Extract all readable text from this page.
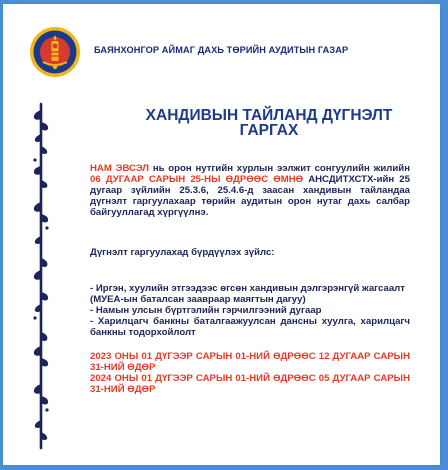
БАЯНХОНГОР АЙМАГ ДАХЬ ТӨРИЙН АУДИТЫН ГАЗАР
ХАНДИВЫН ТАЙЛАНД ДҮГНЭЛТ
ГАРГАХ

НАМ ЭВСЭЛ нь орон нутгийн хурлын ээлжит сонгуулийн жилийн 06 ДУГААР САРЫН 25-НЫ ӨДРӨӨС ӨМНӨ АНСДИТХСТХ-ийн 25 дугаар зүйлийн 25.3.6, 25.4.6-д заасан хандивын тайландаа дүгнэлт гаргуулахаар төрийн аудитын орон нутаг дахь салбар байгууллагад хүргүүлнэ.

Дүгнэлт гаргуулахад бүрдүүлэх зүйлс:

- Иргэн, хуулийн этгээдээс өгсөн хандивын дэлгэрэнгүй жагсаалт

(МУЕА-ын баталсан заавраар маягтын дагуу)

- Намын улсын бүртгэлийн гэрчилгээний дугаар

- Харилцагч банкны баталгаажуулсан дансны хуулга, харилцагч банкны тодорхойлолт

2023 ОНЫ 01 ДҮГЭЭР САРЫН 01-НИЙ ӨДРӨӨС 12 ДУГААР САРЫН 31-НИЙ ӨДӨР

2024 ОНЫ 01 ДҮГЭЭР САРЫН 01-НИЙ ӨДРӨӨС 05 ДУГААР САРЫН 31-НИЙ ӨДӨР
